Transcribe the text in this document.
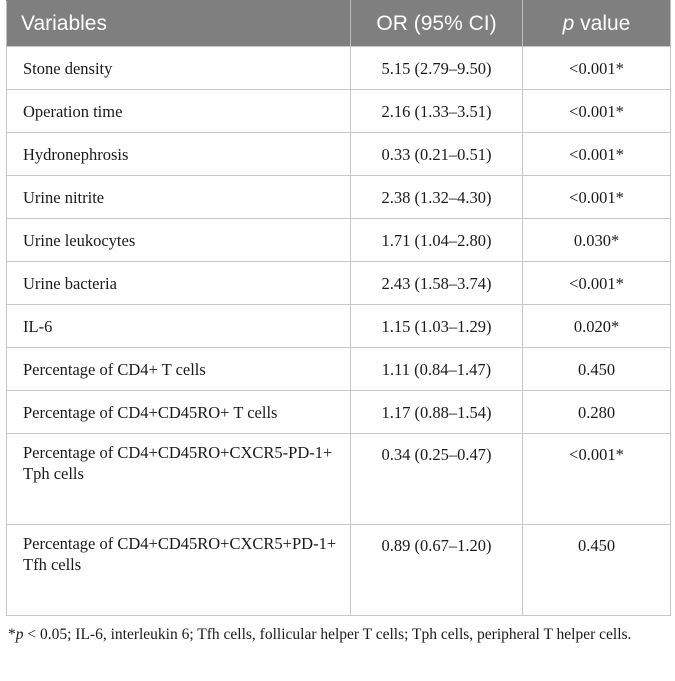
Variables	OR (95% CI)	p value
Stone density	5.15 (2.79–9.50)	<0.001*
Operation time	2.16 (1.33–3.51)	<0.001*
Hydronephrosis	0.33 (0.21–0.51)	<0.001*
Urine nitrite	2.38 (1.32–4.30)	<0.001*
Urine leukocytes	1.71 (1.04–2.80)	0.030*
Urine bacteria	2.43 (1.58–3.74)	<0.001*
IL-6	1.15 (1.03–1.29)	0.020*
Percentage of CD4+ T cells	1.11 (0.84–1.47)	0.450
Percentage of CD4+CD45RO+ T cells	1.17 (0.88–1.54)	0.280
Percentage of CD4+CD45RO+CXCR5-PD-1+ Tph cells	0.34 (0.25–0.47)	<0.001*
Percentage of CD4+CD45RO+CXCR5+PD-1+ Tfh cells	0.89 (0.67–1.20)	0.450
*p < 0.05; IL-6, interleukin 6; Tfh cells, follicular helper T cells; Tph cells, peripheral T helper cells.
